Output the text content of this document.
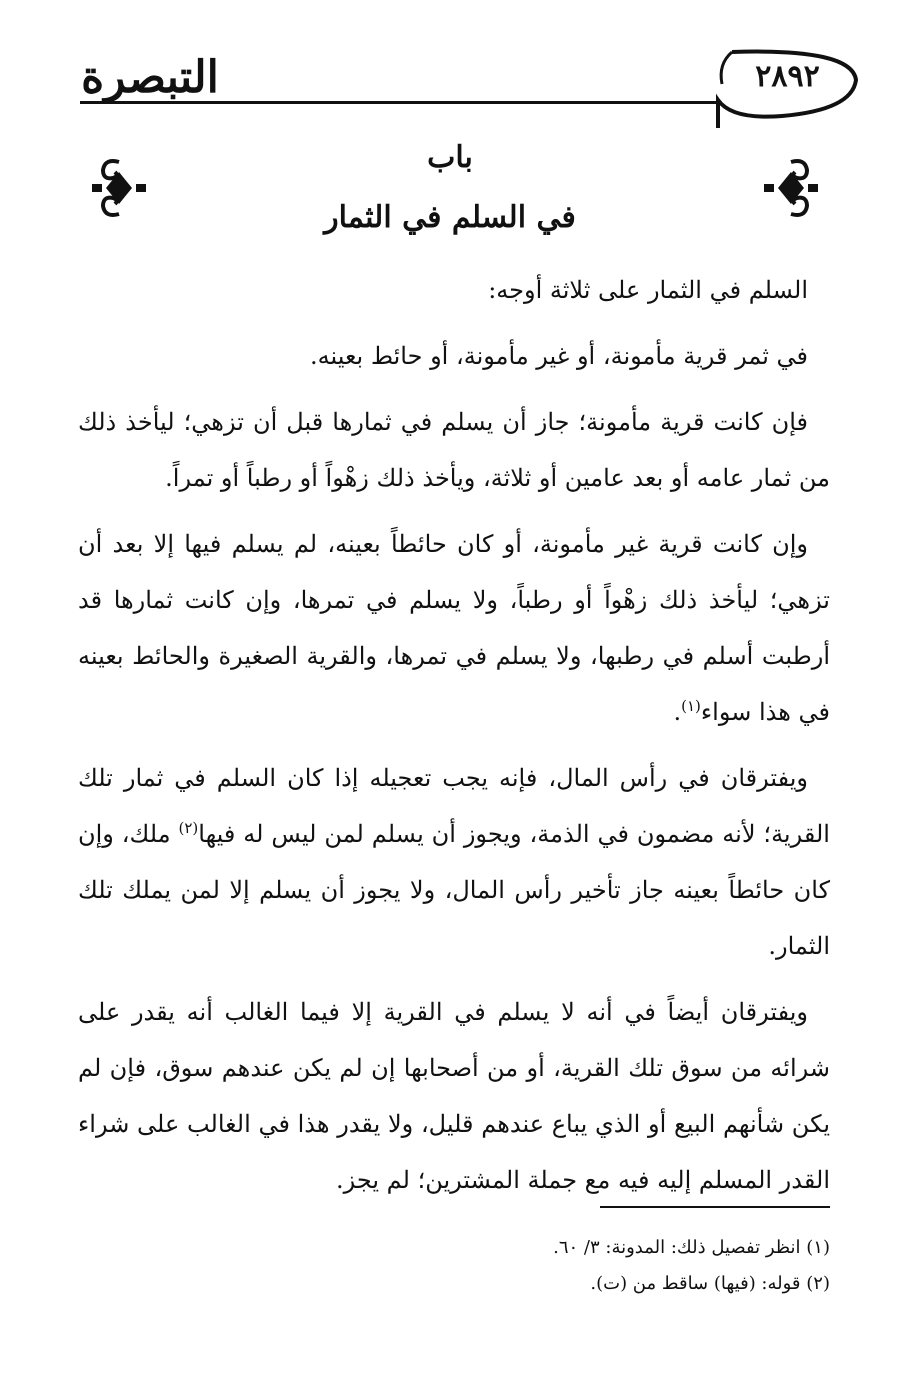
التبصرة	٢٨٩٢
باب
في السلم في الثمار

السلم في الثمار على ثلاثة أوجه:

في ثمر قرية مأمونة، أو غير مأمونة، أو حائط بعينه.

فإن كانت قرية مأمونة؛ جاز أن يسلم في ثمارها قبل أن تزهي؛ ليأخذ ذلك من ثمار عامه أو بعد عامين أو ثلاثة، ويأخذ ذلك زهْواً أو رطباً أو تمراً.

وإن كانت قرية غير مأمونة، أو كان حائطاً بعينه، لم يسلم فيها إلا بعد أن تزهي؛ ليأخذ ذلك زهْواً أو رطباً، ولا يسلم في تمرها، وإن كانت ثمارها قد أرطبت أسلم في رطبها، ولا يسلم في تمرها، والقرية الصغيرة والحائط بعينه في هذا سواء$^{(١)}$.

ويفترقان في رأس المال، فإنه يجب تعجيله إذا كان السلم في ثمار تلك القرية؛ لأنه مضمون في الذمة، ويجوز أن يسلم لمن ليس له فيها$^{(٢)}$ ملك، وإن كان حائطاً بعينه جاز تأخير رأس المال، ولا يجوز أن يسلم إلا لمن يملك تلك الثمار.

ويفترقان أيضاً في أنه لا يسلم في القرية إلا فيما الغالب أنه يقدر على شرائه من سوق تلك القرية، أو من أصحابها إن لم يكن عندهم سوق، فإن لم يكن شأنهم البيع أو الذي يباع عندهم قليل، ولا يقدر هذا في الغالب على شراء القدر المسلم إليه فيه مع جملة المشترين؛ لم يجز.

(١) انظر تفصيل ذلك: المدونة: ٣/ ٦٠.
(٢) قوله: (فيها) ساقط من (ت).
